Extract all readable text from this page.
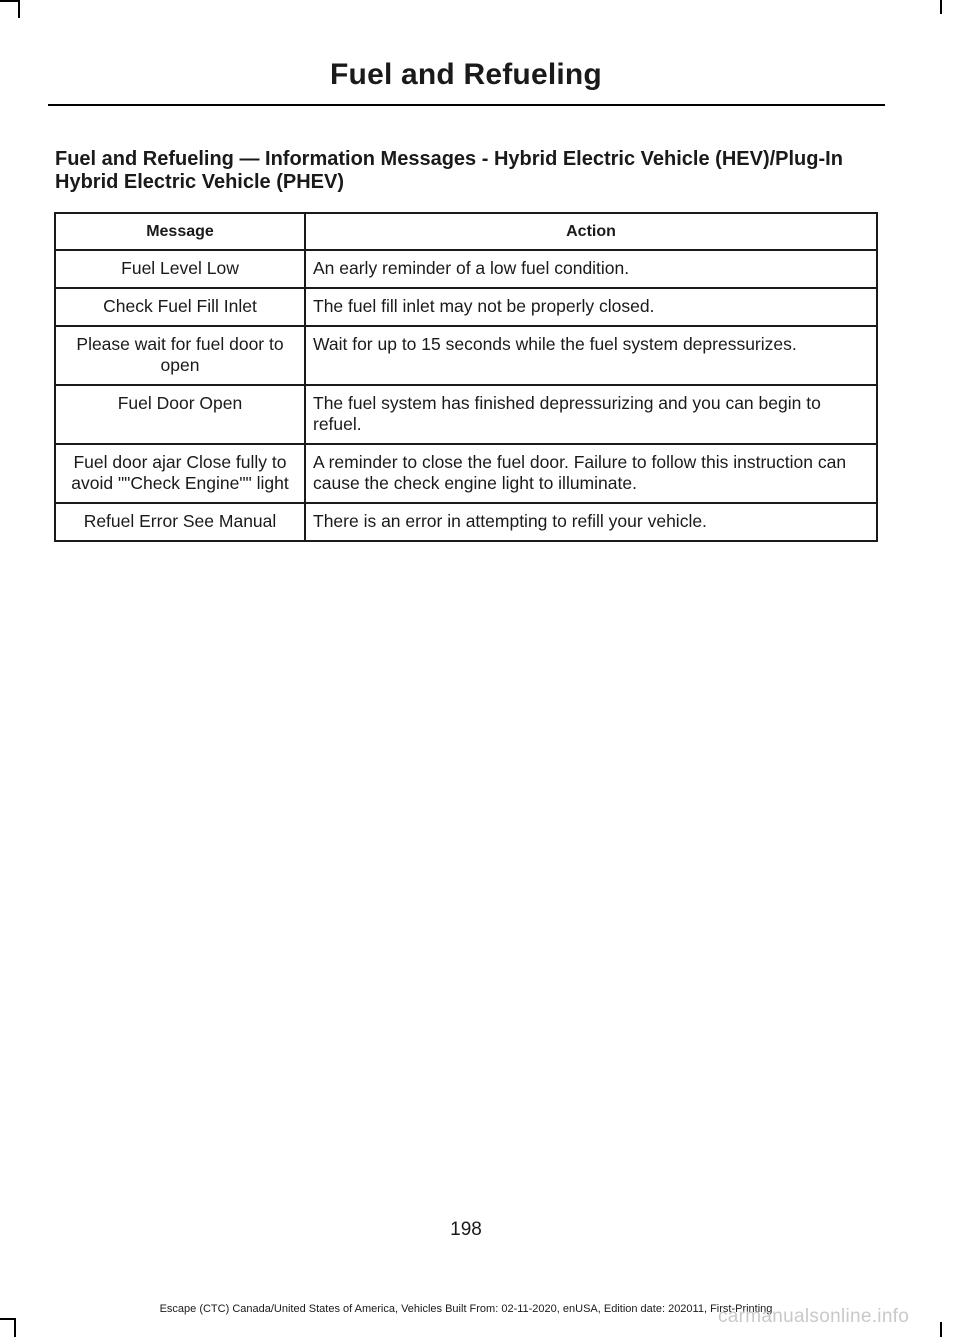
Fuel and Refueling
Fuel and Refueling — Information Messages - Hybrid Electric Vehicle (HEV)/Plug-In Hybrid Electric Vehicle (PHEV)
Message	Action
Fuel Level Low	An early reminder of a low fuel condition.
Check Fuel Fill Inlet	The fuel fill inlet may not be properly closed.
Please wait for fuel door to open	Wait for up to 15 seconds while the fuel system depressurizes.
Fuel Door Open	The fuel system has finished depressurizing and you can begin to refuel.
Fuel door ajar Close fully to avoid ""Check Engine"" light	A reminder to close the fuel door. Failure to follow this instruction can cause the check engine light to illuminate.
Refuel Error See Manual	There is an error in attempting to refill your vehicle.
198
Escape (CTC) Canada/United States of America, Vehicles Built From: 02-11-2020, enUSA, Edition date: 202011, First-Printing
carmanualsonline.info
